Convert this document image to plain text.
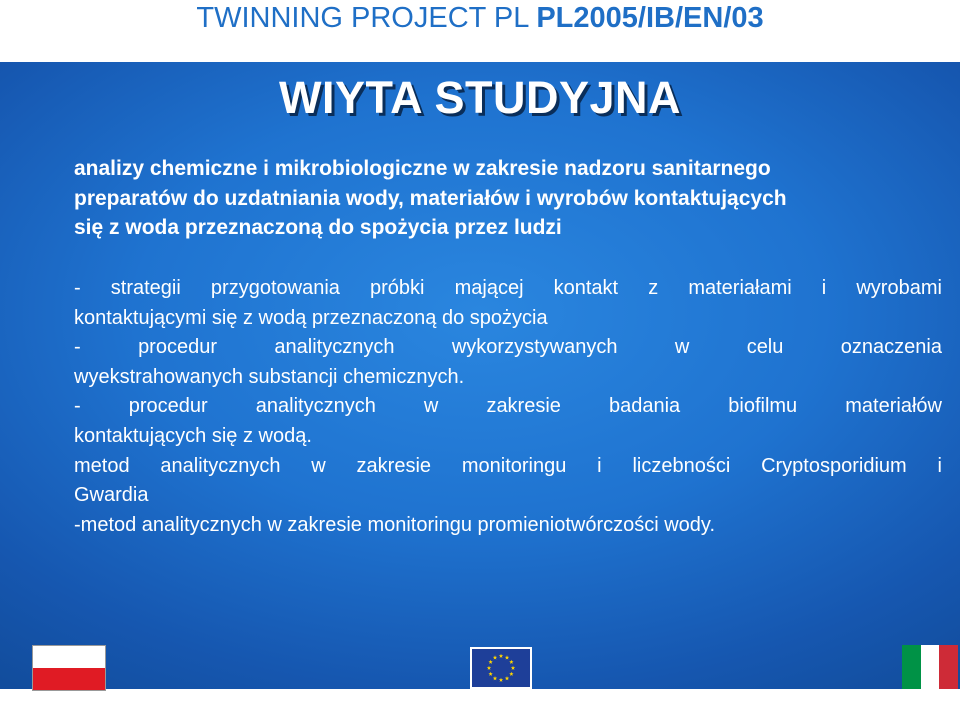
TWINNING PROJECT PL PL2005/IB/EN/03
WIYTA STUDYJNA
analizy chemiczne i mikrobiologiczne w zakresie nadzoru sanitarnego
preparatów do uzdatniania wody, materiałów i wyrobów kontaktujących
się z woda przeznaczoną do spożycia przez ludzi
- strategii przygotowania próbki mającej kontakt z materiałami i wyrobami
kontaktującymi się z wodą przeznaczoną do spożycia
-	procedur	analitycznych	wykorzystywanych	w	celu	oznaczenia
wyekstrahowanych substancji chemicznych.
- procedur analitycznych w zakresie badania biofilmu materiałów
kontaktujących się z wodą.
metod analitycznych w zakresie monitoringu i liczebności Cryptosporidium i
Gwardia
-metod analitycznych w zakresie monitoringu promieniotwórczości wody.
